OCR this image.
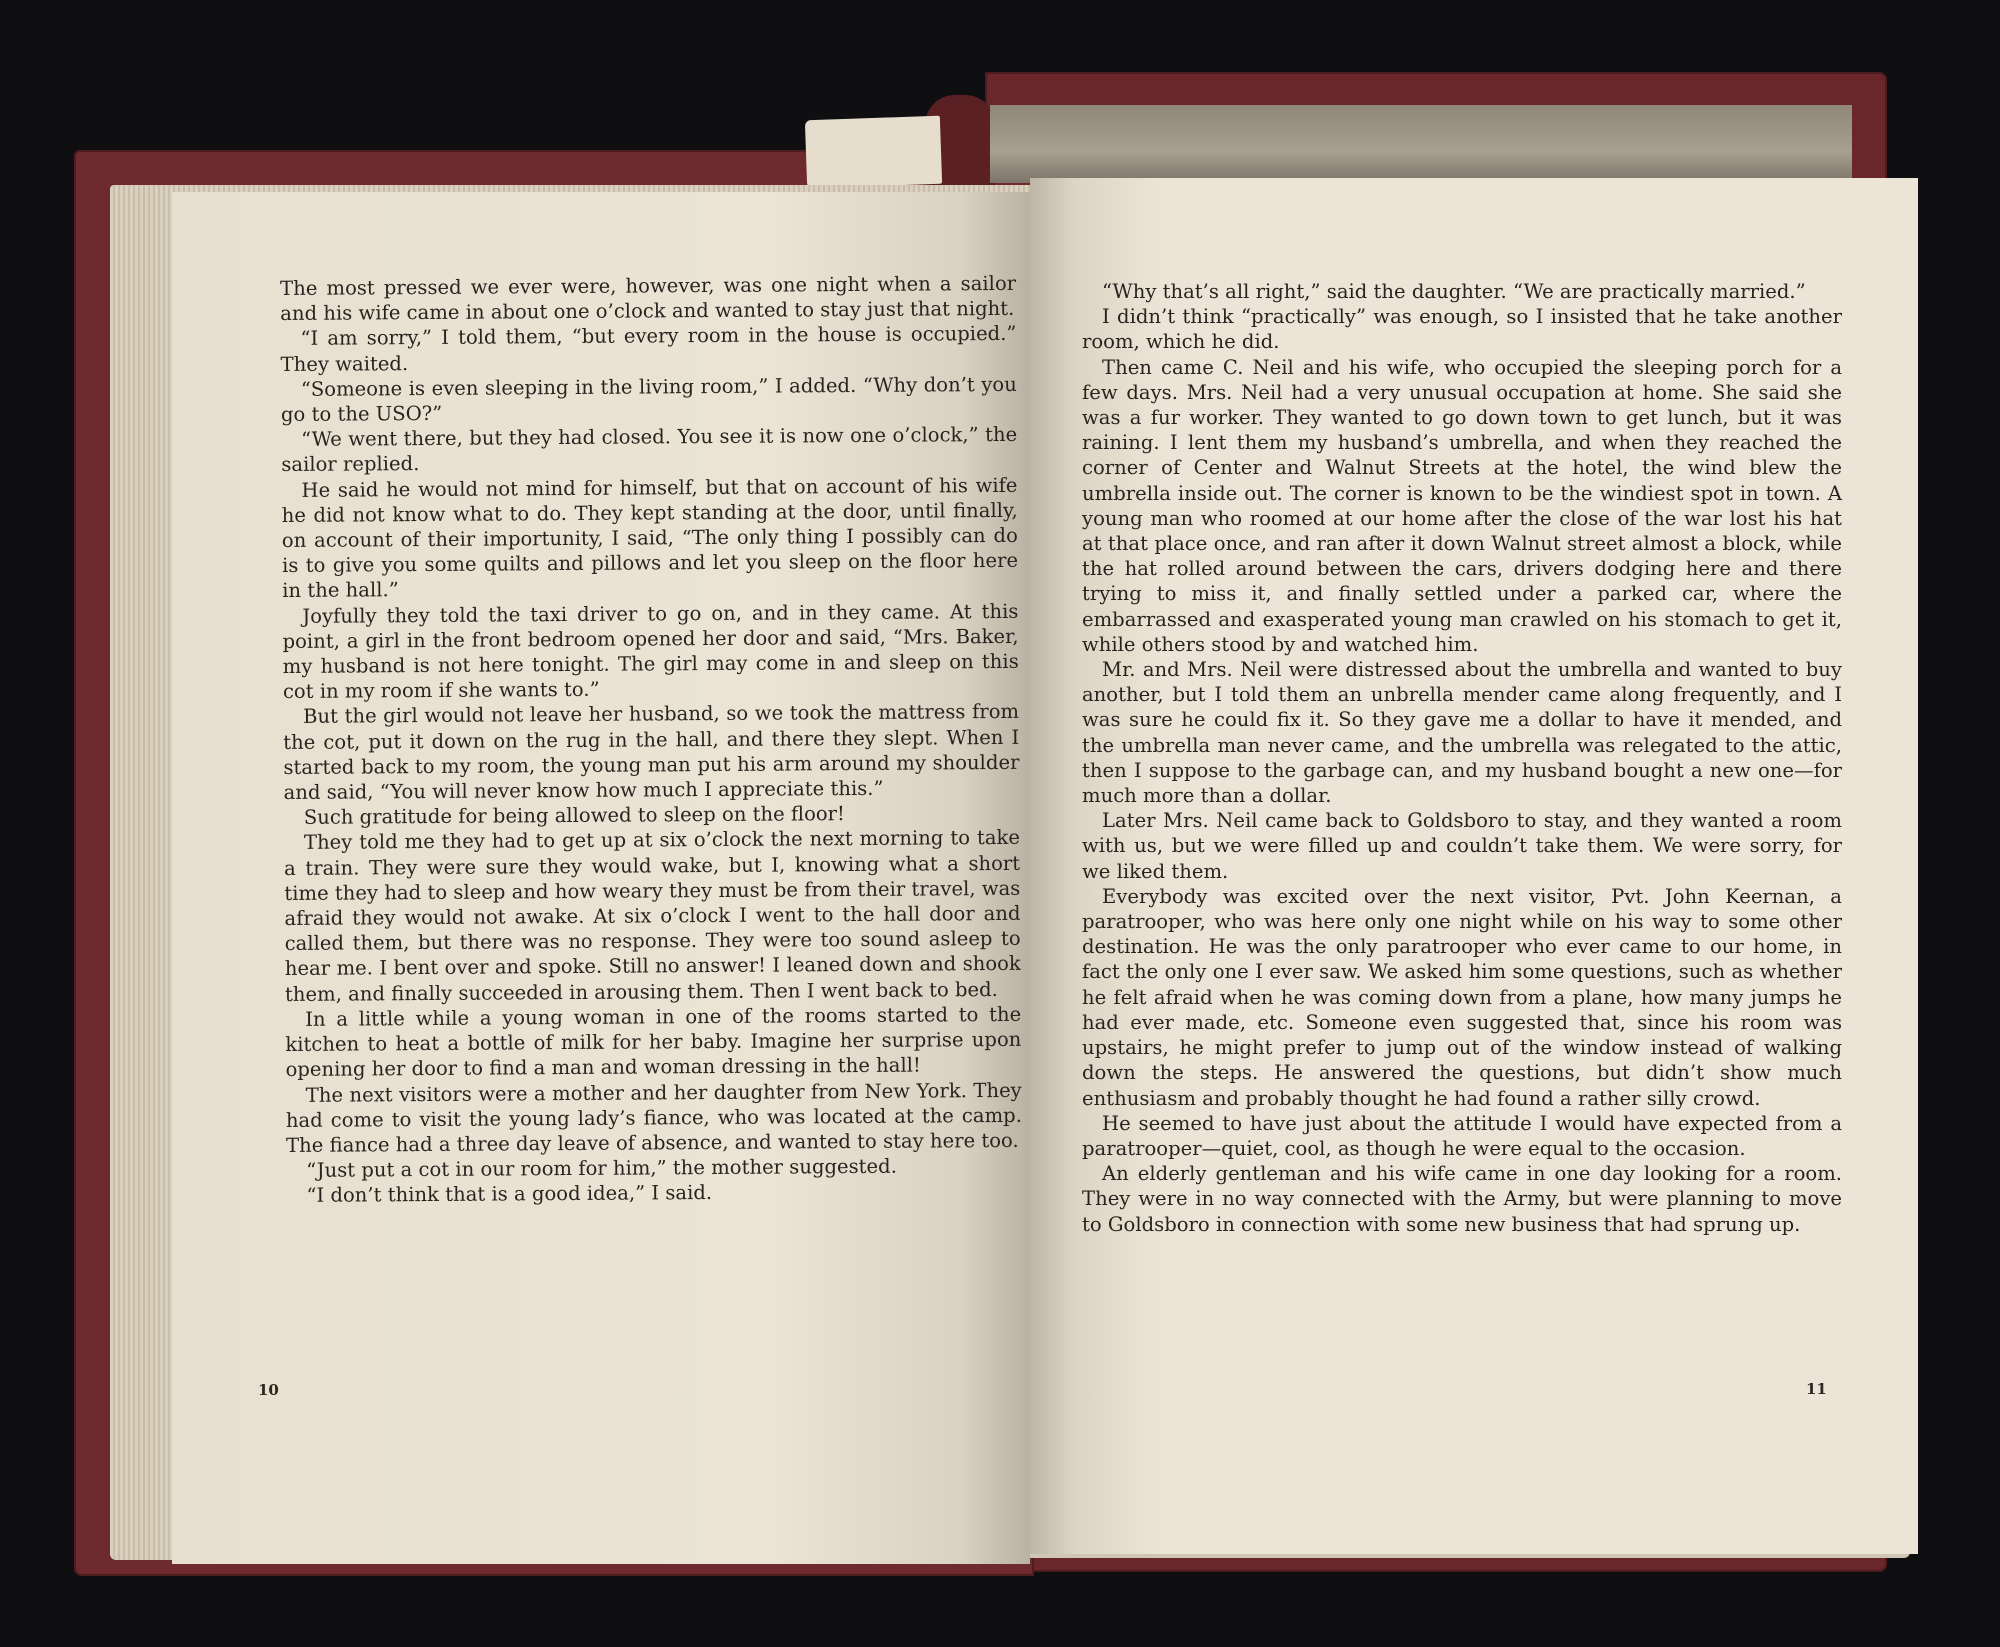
The most pressed we ever were, however, was one night when a sailor and his wife came in about one o’clock and wanted to stay just that night.

“I am sorry,” I told them, “but every room in the house is occupied.” They waited.

“Someone is even sleeping in the living room,” I added. “Why don’t you go to the USO?”

“We went there, but they had closed. You see it is now one o’clock,” the sailor replied.

He said he would not mind for himself, but that on account of his wife he did not know what to do. They kept standing at the door, until finally, on account of their importunity, I said, “The only thing I possibly can do is to give you some quilts and pillows and let you sleep on the floor here in the hall.”

Joyfully they told the taxi driver to go on, and in they came. At this point, a girl in the front bedroom opened her door and said, “Mrs. Baker, my husband is not here tonight. The girl may come in and sleep on this cot in my room if she wants to.”

But the girl would not leave her husband, so we took the mattress from the cot, put it down on the rug in the hall, and there they slept. When I started back to my room, the young man put his arm around my shoulder and said, “You will never know how much I appreciate this.”

Such gratitude for being allowed to sleep on the floor!

They told me they had to get up at six o’clock the next morning to take a train. They were sure they would wake, but I, knowing what a short time they had to sleep and how weary they must be from their travel, was afraid they would not awake. At six o’clock I went to the hall door and called them, but there was no response. They were too sound asleep to hear me. I bent over and spoke. Still no answer! I leaned down and shook them, and finally succeeded in arousing them. Then I went back to bed.

In a little while a young woman in one of the rooms started to the kitchen to heat a bottle of milk for her baby. Imagine her surprise upon opening her door to find a man and woman dressing in the hall!

The next visitors were a mother and her daughter from New York. They had come to visit the young lady’s fiance, who was located at the camp. The fiance had a three day leave of absence, and wanted to stay here too.

“Just put a cot in our room for him,” the mother suggested.

“I don’t think that is a good idea,” I said.

“Why that’s all right,” said the daughter. “We are practically married.”

I didn’t think “practically” was enough, so I insisted that he take another room, which he did.

Then came C. Neil and his wife, who occupied the sleeping porch for a few days. Mrs. Neil had a very unusual occupation at home. She said she was a fur worker. They wanted to go down town to get lunch, but it was raining. I lent them my husband’s umbrella, and when they reached the corner of Center and Walnut Streets at the hotel, the wind blew the umbrella inside out. The corner is known to be the windiest spot in town. A young man who roomed at our home after the close of the war lost his hat at that place once, and ran after it down Walnut street almost a block, while the hat rolled around between the cars, drivers dodging here and there trying to miss it, and finally settled under a parked car, where the embarrassed and exasperated young man crawled on his stomach to get it, while others stood by and watched him.

Mr. and Mrs. Neil were distressed about the umbrella and wanted to buy another, but I told them an unbrella mender came along frequently, and I was sure he could fix it. So they gave me a dollar to have it mended, and the umbrella man never came, and the umbrella was relegated to the attic, then I suppose to the garbage can, and my husband bought a new one—for much more than a dollar.

Later Mrs. Neil came back to Goldsboro to stay, and they wanted a room with us, but we were filled up and couldn’t take them. We were sorry, for we liked them.

Everybody was excited over the next visitor, Pvt. John Keernan, a paratrooper, who was here only one night while on his way to some other destination. He was the only paratrooper who ever came to our home, in fact the only one I ever saw. We asked him some questions, such as whether he felt afraid when he was coming down from a plane, how many jumps he had ever made, etc. Someone even suggested that, since his room was upstairs, he might prefer to jump out of the window instead of walking down the steps. He answered the questions, but didn’t show much enthusiasm and probably thought he had found a rather silly crowd.

He seemed to have just about the attitude I would have expected from a paratrooper—quiet, cool, as though he were equal to the occasion.

An elderly gentleman and his wife came in one day looking for a room. They were in no way connected with the Army, but were planning to move to Goldsboro in connection with some new business that had sprung up.

10	11
